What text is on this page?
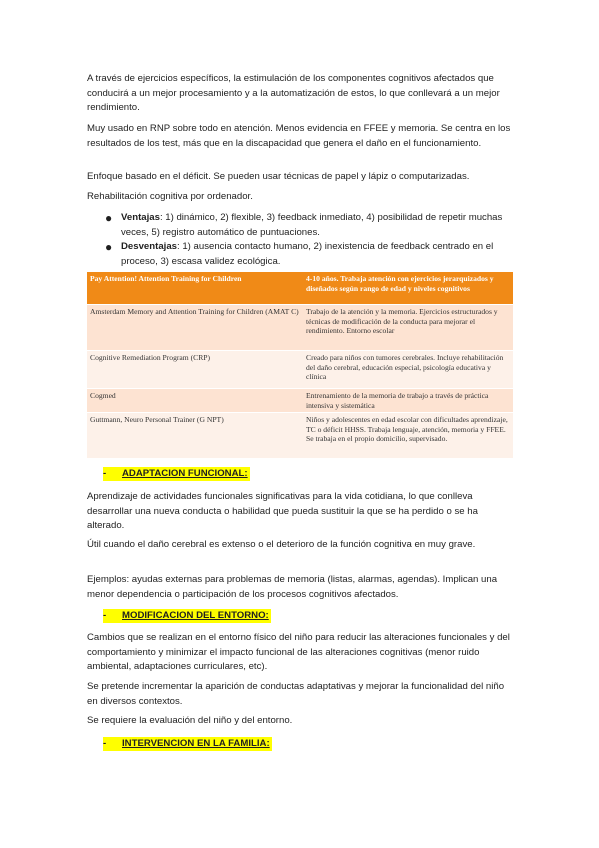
A través de ejercicios específicos, la estimulación de los componentes cognitivos afectados que conducirá a un mejor procesamiento y a la automatización de estos, lo que conllevará a un mejor rendimiento.

Muy usado en RNP sobre todo en atención. Menos evidencia en FFEE y memoria. Se centra en los resultados de los test, más que en la discapacidad que genera el daño en el funcionamiento.

Enfoque basado en el déficit. Se pueden usar técnicas de papel y lápiz o computarizadas.

Rehabilitación cognitiva por ordenador.

● Ventajas: 1) dinámico, 2) flexible, 3) feedback inmediato, 4) posibilidad de repetir muchas veces, 5) registro automático de puntuaciones.
● Desventajas: 1) ausencia contacto humano, 2) inexistencia de feedback centrado en el proceso, 3) escasa validez ecológica.
Pay Attention! Attention Training for Children	4-10 años. Trabaja atención con ejercicios jerarquizados y diseñados según rango de edad y niveles cognitivos
Amsterdam Memory and Attention Training for Children (AMAT C)	Trabajo de la atención y la memoria. Ejercicios estructurados y técnicas de modificación de la conducta para mejorar el rendimiento. Entorno escolar
Cognitive Remediation Program (CRP)	Creado para niños con tumores cerebrales. Incluye rehabilitación del daño cerebral, educación especial, psicología educativa y clínica
Cogmed	Entrenamiento de la memoria de trabajo a través de práctica intensiva y sistemática
Guttmann, Neuro Personal Trainer (G NPT)	Niños y adolescentes en edad escolar con dificultades aprendizaje, TC o déficit HHSS. Trabaja lenguaje, atención, memoria y FFEE. Se trabaja en el propio domicilio, supervisado.
-	ADAPTACION FUNCIONAL:

Aprendizaje de actividades funcionales significativas para la vida cotidiana, lo que conlleva desarrollar una nueva conducta o habilidad que pueda sustituir la que se ha perdido o se ha alterado.

Útil cuando el daño cerebral es extenso o el deterioro de la función cognitiva en muy grave.

Ejemplos: ayudas externas para problemas de memoria (listas, alarmas, agendas). Implican una menor dependencia o participación de los procesos cognitivos afectados.

-	MODIFICACION DEL ENTORNO:

Cambios que se realizan en el entorno físico del niño para reducir las alteraciones funcionales y del comportamiento y minimizar el impacto funcional de las alteraciones cognitivas (menor ruido ambiental, adaptaciones curriculares, etc).

Se pretende incrementar la aparición de conductas adaptativas y mejorar la funcionalidad del niño en diversos contextos.

Se requiere la evaluación del niño y del entorno.

-	INTERVENCION EN LA FAMILIA:
